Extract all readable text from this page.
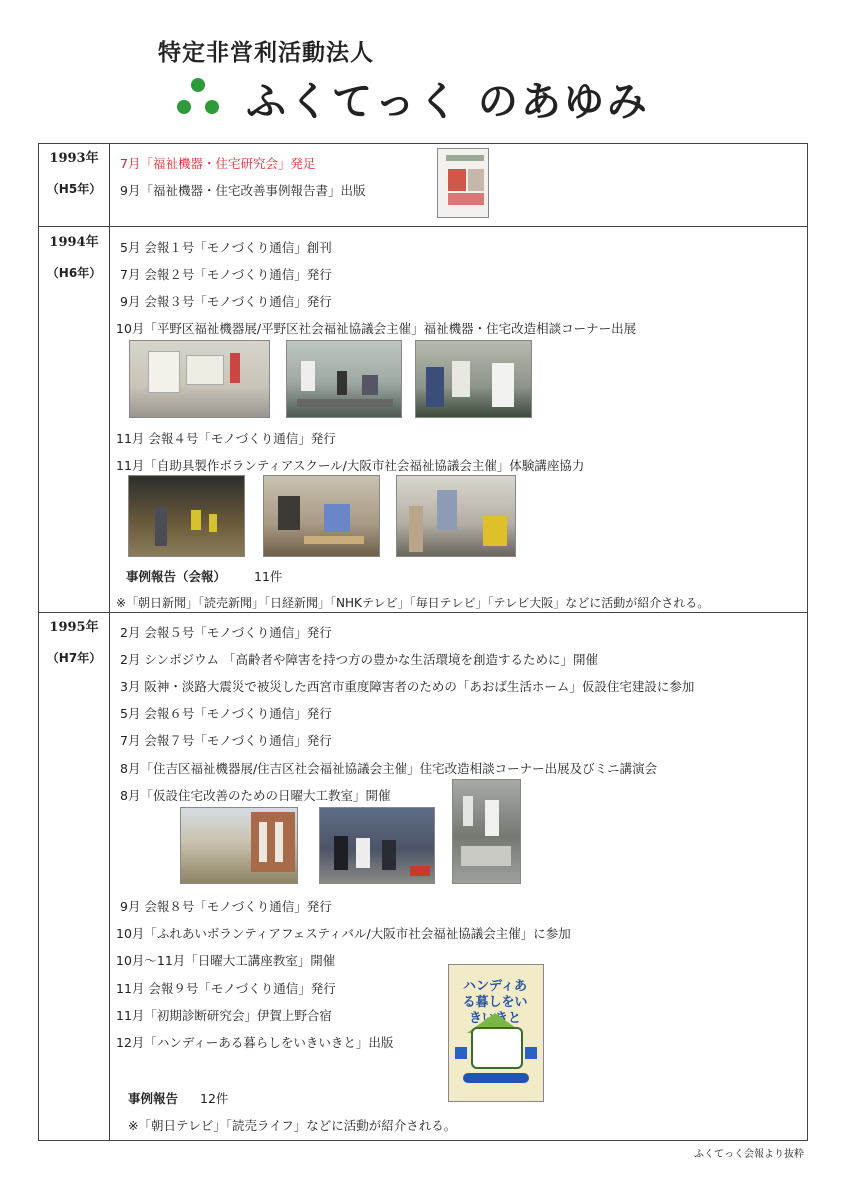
特定非営利活動法人
ふくてっく のあゆみ
1993年
（H5年）
7月「福祉機器・住宅研究会」発足
9月「福祉機器・住宅改善事例報告書」出版
1994年
（H6年）
5月 会報１号「モノづくり通信」創刊
7月 会報２号「モノづくり通信」発行
9月 会報３号「モノづくり通信」発行
10月「平野区福祉機器展/平野区社会福祉協議会主催」福祉機器・住宅改造相談コーナー出展
11月 会報４号「モノづくり通信」発行
11月「自助具製作ボランティアスクール/大阪市社会福祉協議会主催」体験講座協力
事例報告（会報） 11件
※「朝日新聞」「読売新聞」「日経新聞」「NHKテレビ」「毎日テレビ」「テレビ大阪」などに活動が紹介される。
1995年
（H7年）
2月 会報５号「モノづくり通信」発行
2月 シンポジウム 「高齢者や障害を持つ方の豊かな生活環境を創造するために」開催
3月 阪神・淡路大震災で被災した西宮市重度障害者のための「あおば生活ホーム」仮設住宅建設に参加
5月 会報６号「モノづくり通信」発行
7月 会報７号「モノづくり通信」発行
8月「住吉区福祉機器展/住吉区社会福祉協議会主催」住宅改造相談コーナー出展及びミニ講演会
8月「仮設住宅改善のための日曜大工教室」開催
9月 会報８号「モノづくり通信」発行
10月「ふれあいボランティアフェスティバル/大阪市社会福祉協議会主催」に参加
10月〜11月「日曜大工講座教室」開催
11月 会報９号「モノづくり通信」発行
11月「初期診断研究会」伊賀上野合宿
12月「ハンディーある暮らしをいきいきと」出版
ハンディある暮しをいきいきと
事例報告 12件
※「朝日テレビ」「読売ライフ」などに活動が紹介される。
ふくてっく会報より抜粋
